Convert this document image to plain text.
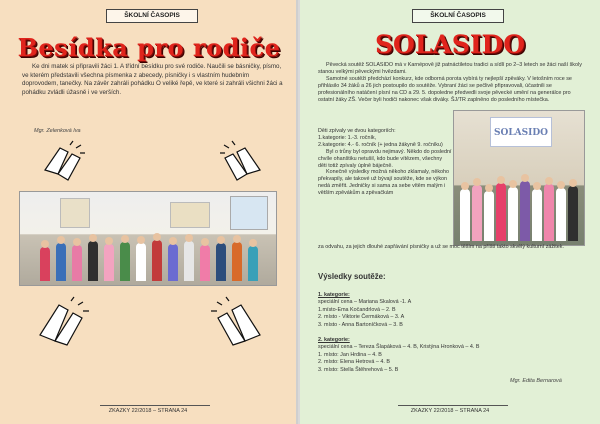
ŠKOLNÍ ČASOPIS
Besídka pro rodiče

Ke dni matek si připravili žáci 1. A třídní besídku pro své rodiče. Naučili se básničky, písmo, ve kterém představili všechna písmenka z abecedy, písničky i s vlastním hudebním doprovodem, tanečky. Na závěr zahráli pohádku O veliké řepě, ve které si zahráli všichni žáci a pohádku zvládli úžasně i ve verších.

Mgr. Zelenková Iva
ZKAZKY 22/2018 – STRANA 24
ŠKOLNÍ ČASOPIS
SOLASIDO

Pěvecká soutěž SOLASIDO má v Karnépově již patnáctiletou tradici a sídlí po 2–3 letech se žáci naší školy stanou velkými pěveckými hvězdami.

Samotné soutěži předchází konkurz, kde odborná porota vybírá ty nejlepší zpěváky. V letošním roce se přihlásilo 34 žáků a 26 jich postoupilo do soutěže. Vybraní žáci se pečlivě připravovali, účastnili se profesionálního natáčení písní na CD a 29. 5. dopoledne předvedli svoje pěvecké umění na generálce pro ostatní žáky ZŠ. Večer byli hodiči nakonec však diváky. ŠJ/TR zaplněno do posledního místečka.

Děti zpívaly ve dvou kategoriích:
1.kategorie: 1.-3. ročník,
2.kategorie: 4.- 6. ročník (+ jedna žákyně 9. ročníku)

Byl o trůny byl opravdu nejimavý. Někdo do poslední chvíle ohanštiku netušil, kdo bude vítězem, všechny děti totiž zpívaly úplně báječně.

Konečně výsledky možná někoho zklamaly, někoho překvapily, ale takové už bývají soutěže, kde se výkon nedá změřit. Jedničky si sama za sebe vítěm malým i větším zpěvákům a zpěvačkám

SOLASIDO
za odvahu, za jejich dlouhé zapřávání písničky a už se moc těším na příští takto skvělý kulturní zážitek.
Výsledky soutěže:
1. kategorie:
speciální cena – Mariana Skalová -1. A
1.místo-Ema Kočandrlová – 2. B
2. místo - Viktorie Čermáková – 3. A
3. místo - Anna Bartoníčková – 3. B
2. kategorie:
speciální cena – Tereza Šlapáková – 4. B, Kristýna Hronková – 4. B
1. místo: Jan Hrdina – 4. B
2. místo: Elena Hetrová – 4. B
3. místo: Stella Štěhrehová – 5. B
Mgr. Edita Bernarová
ZKAZKY 22/2018 – STRANA 24
